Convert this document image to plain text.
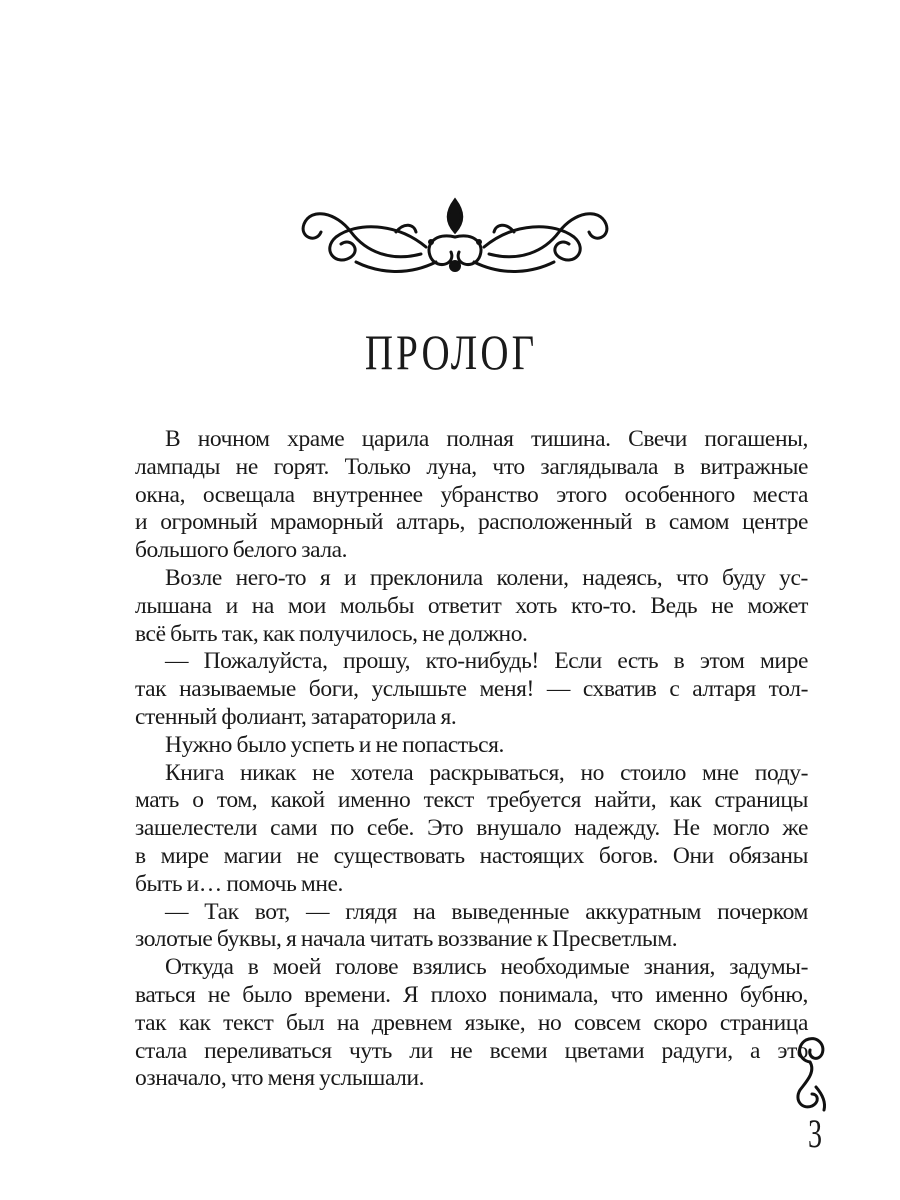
ПРОЛОГ
В ночном храме царила полная тишина. Свечи погашены,
лампады не горят. Только луна, что заглядывала в витражные
окна, освещала внутреннее убранство этого особенного места
и огромный мраморный алтарь, расположенный в самом центре
большого белого зала.
Возле него-то я и преклонила колени, надеясь, что буду ус-
лышана и на мои мольбы ответит хоть кто-то. Ведь не может
всё быть так, как получилось, не должно.
— Пожалуйста, прошу, кто-нибудь! Если есть в этом мире
так называемые боги, услышьте меня! — схватив с алтаря тол-
стенный фолиант, затараторила я.
Нужно было успеть и не попасться.
Книга никак не хотела раскрываться, но стоило мне поду-
мать о том, какой именно текст требуется найти, как страницы
зашелестели сами по себе. Это внушало надежду. Не могло же
в мире магии не существовать настоящих богов. Они обязаны
быть и… помочь мне.
— Так вот, — глядя на выведенные аккуратным почерком
золотые буквы, я начала читать воззвание к Пресветлым.
Откуда в моей голове взялись необходимые знания, задумы-
ваться не было времени. Я плохо понимала, что именно бубню,
так как текст был на древнем языке, но совсем скоро страница
стала переливаться чуть ли не всеми цветами радуги, а это
означало, что меня услышали.
3
